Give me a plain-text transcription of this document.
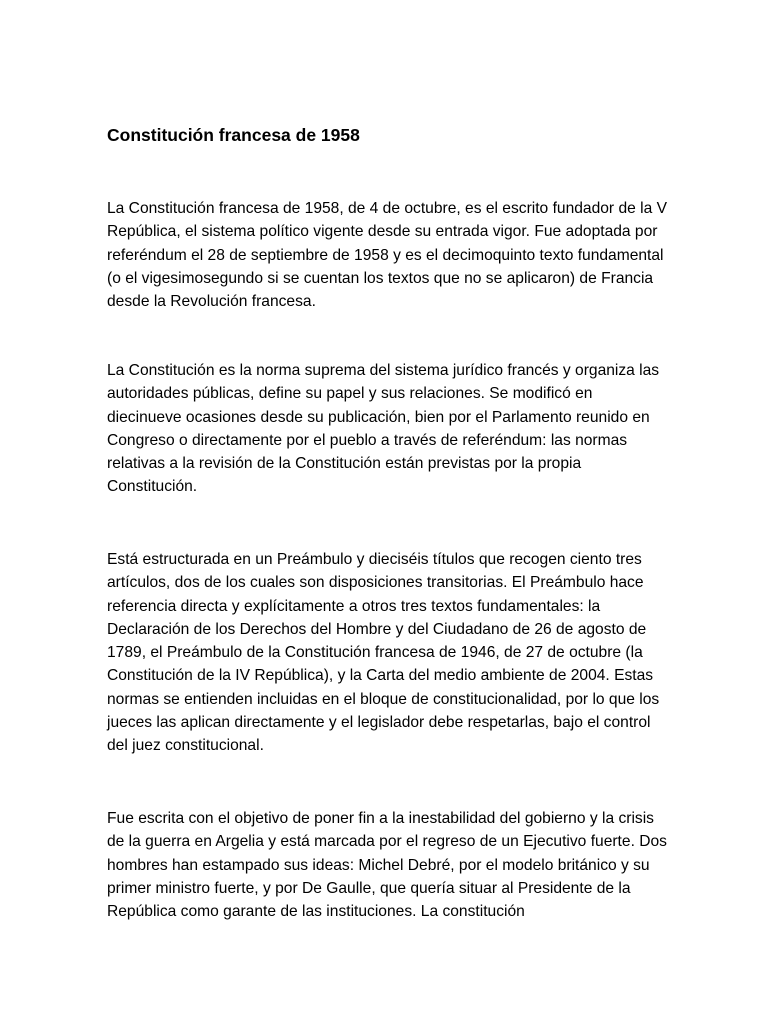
Constitución francesa de 1958

La Constitución francesa de 1958, de 4 de octubre, es el escrito fundador de la V República, el sistema político vigente desde su entrada vigor. Fue adoptada por referéndum el 28 de septiembre de 1958 y es el decimoquinto texto fundamental (o el vigesimosegundo si se cuentan los textos que no se aplicaron) de Francia desde la Revolución francesa.

La Constitución es la norma suprema del sistema jurídico francés y organiza las autoridades públicas, define su papel y sus relaciones. Se modificó en diecinueve ocasiones desde su publicación, bien por el Parlamento reunido en Congreso o directamente por el pueblo a través de referéndum: las normas relativas a la revisión de la Constitución están previstas por la propia Constitución.

Está estructurada en un Preámbulo y dieciséis títulos que recogen ciento tres artículos, dos de los cuales son disposiciones transitorias. El Preámbulo hace referencia directa y explícitamente a otros tres textos fundamentales: la Declaración de los Derechos del Hombre y del Ciudadano de 26 de agosto de 1789, el Preámbulo de la Constitución francesa de 1946, de 27 de octubre (la Constitución de la IV República), y la Carta del medio ambiente de 2004. Estas normas se entienden incluidas en el bloque de constitucionalidad, por lo que los jueces las aplican directamente y el legislador debe respetarlas, bajo el control del juez constitucional.

Fue escrita con el objetivo de poner fin a la inestabilidad del gobierno y la crisis de la guerra en Argelia y está marcada por el regreso de un Ejecutivo fuerte. Dos hombres han estampado sus ideas: Michel Debré, por el modelo británico y su primer ministro fuerte, y por De Gaulle, que quería situar al Presidente de la República como garante de las instituciones. La constitución
